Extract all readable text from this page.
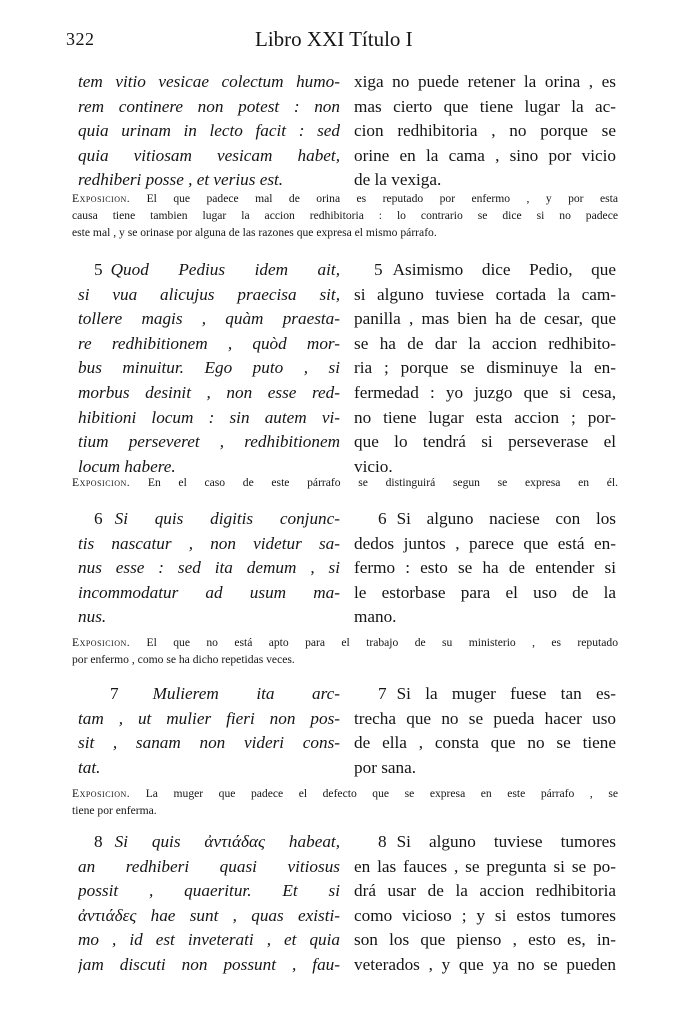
322	Libro XXI Título I
tem vitio vesicae colectum humo-
rem continere non potest : non
quia urinam in lecto facit : sed
quia vitiosam vesicam habet,
redhiberi posse , et verius est.
xiga no puede retener la orina , es
mas cierto que tiene lugar la ac-
cion redhibitoria , no porque se
orine en la cama , sino por vicio
de la vexiga.
Exposicion. El que padece mal de orina es reputado por enfermo , y por esta
causa tiene tambien lugar la accion redhibitoria : lo contrario se dice si no padece
este mal , y se orinase por alguna de las razones que expresa el mismo párrafo.
5 Quod Pedius idem ait,
si vua alicujus praecisa sit,
tollere magis , quàm praesta-
re redhibitionem , quòd mor-
bus minuitur. Ego puto , si
morbus desinit , non esse red-
hibitioni locum : sin autem vi-
tium perseveret , redhibitionem
locum habere.
5 Asimismo dice Pedio, que
si alguno tuviese cortada la cam-
panilla , mas bien ha de cesar, que
se ha de dar la accion redhibito-
ria ; porque se disminuye la en-
fermedad : yo juzgo que si cesa,
no tiene lugar esta accion ; por-
que lo tendrá si perseverase el
vicio.
Exposicion. En el caso de este párrafo se distinguirá segun se expresa en él.
6 Si quis digitis conjunc-
tis nascatur , non videtur sa-
nus esse : sed ita demum , si
incommodatur ad usum ma-
nus.
6 Si alguno naciese con los
dedos juntos , parece que está en-
fermo : esto se ha de entender si
le estorbase para el uso de la
mano.
Exposicion. El que no está apto para el trabajo de su ministerio , es reputado
por enfermo , como se ha dicho repetidas veces.
7 Mulierem ita arc-
tam , ut mulier fieri non pos-
sit , sanam non videri cons-
tat.
7 Si la muger fuese tan es-
trecha que no se pueda hacer uso
de ella , consta que no se tiene
por sana.
Exposicion. La muger que padece el defecto que se expresa en este párrafo , se
tiene por enferma.
8 Si quis ἀντιάδας habeat,
an redhiberi quasi vitiosus
possit , quaeritur. Et si
ἀντιάδες hae sunt , quas existi-
mo , id est inveterati , et quia
jam discuti non possunt , fau-
8 Si alguno tuviese tumores
en las fauces , se pregunta si se po-
drá usar de la accion redhibitoria
como vicioso ; y si estos tumores
son los que pienso , esto es, in-
veterados , y que ya no se pueden
